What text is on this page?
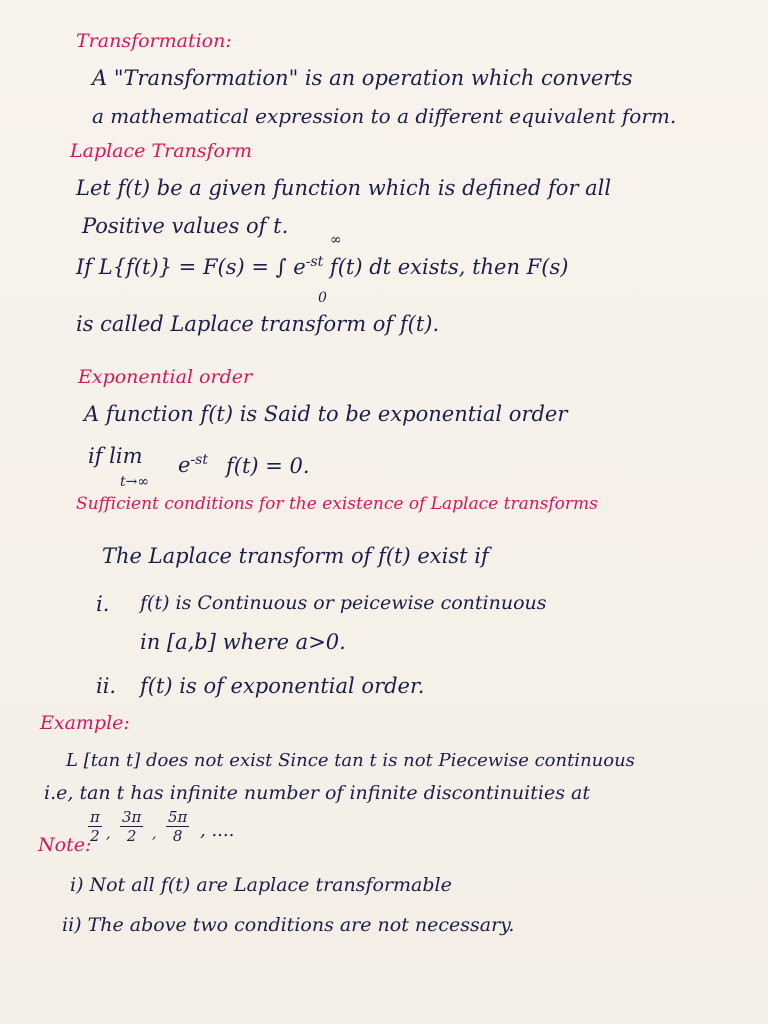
Transformation:
A "Transformation" is an operation which converts
a mathematical expression to a different equivalent form.
Laplace Transform
Let f(t) be a given function which is defined for all
Positive values of t.
∞
If L{f(t)} = F(s) = ∫ $e^{-st}$ f(t) dt exists, then F(s)
0
is called Laplace transform of f(t).
Exponential order
A function f(t) is Said to be exponential order
if lim
t→∞
$e^{-st}$ f(t) = 0.
Sufficient conditions for the existence of Laplace transforms
The Laplace transform of f(t) exist if
i. f(t) is Continuous or peicewise continuous
in [a,b] where a>0.
ii. f(t) is of exponential order.
Example:
L [tan t] does not exist Since tan t is not Piecewise continuous
i.e, tan t has infinite number of infinite discontinuities at
$\frac{\pi}{2}$ , $\frac{3\pi}{2}$ , $\frac{5\pi}{8}$ , ....
Note:
i) Not all f(t) are Laplace transformable
ii) The above two conditions are not necessary.
